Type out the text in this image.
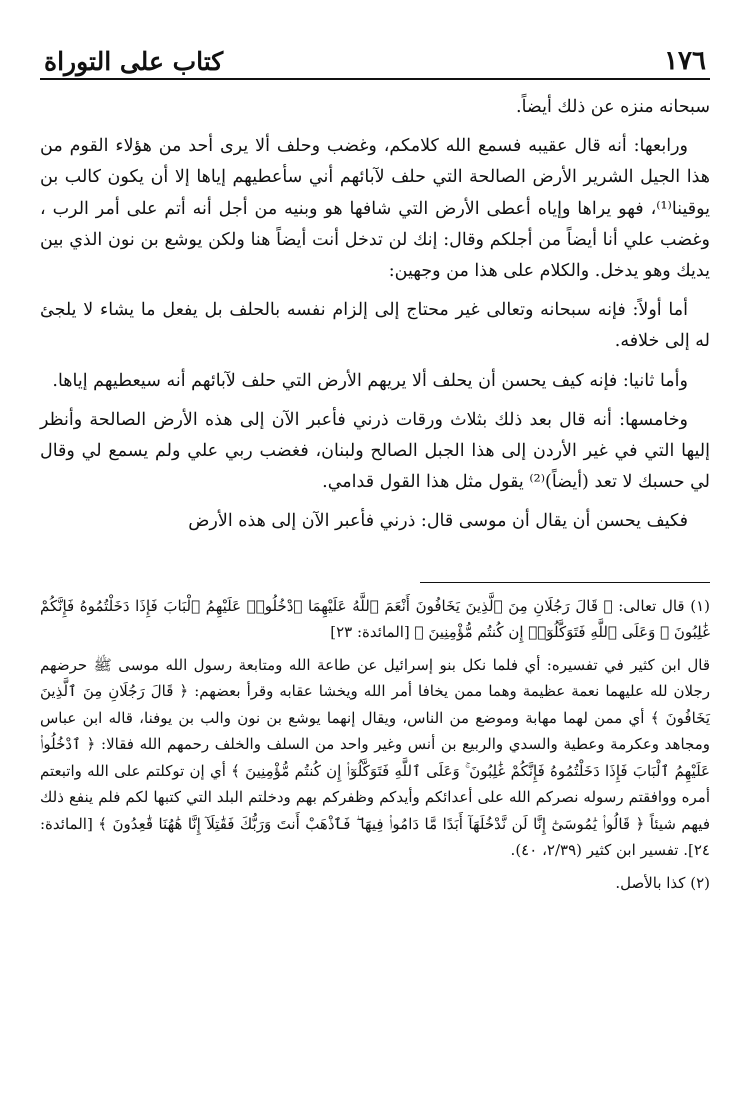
١٧٦
كتاب على التوراة

سبحانه منزه عن ذلك أيضاً.

ورابعها: أنه قال عقيبه فسمع الله كلامكم، وغضب وحلف ألا يرى أحد من هؤلاء القوم من هذا الجيل الشرير الأرض الصالحة التي حلف لآبائهم أني سأعطيهم إياها إلا أن يكون كالب بن يوقينا⁽¹⁾، فهو يراها وإياه أعطى الأرض التي شافها هو وبنيه من أجل أنه أتم على أمر الرب ، وغضب علي أنا أيضاً من أجلكم وقال: إنك لن تدخل أنت أيضاً هنا ولكن يوشع بن نون الذي بين يديك وهو يدخل. والكلام على هذا من وجهين:

أما أولاً: فإنه سبحانه وتعالى غير محتاج إلى إلزام نفسه بالحلف بل يفعل ما يشاء لا يلجئ له إلى خلافه.

وأما ثانيا: فإنه كيف يحسن أن يحلف ألا يريهم الأرض التي حلف لآبائهم أنه سيعطيهم إياها.

وخامسها: أنه قال بعد ذلك بثلاث ورقات ذرني فأعبر الآن إلى هذه الأرض الصالحة وأنظر إليها التي في غير الأردن إلى هذا الجبل الصالح ولبنان، فغضب ربي علي ولم يسمع لي وقال لي حسبك لا تعد (أيضاً)⁽²⁾ يقول مثل هذا القول قدامي.

فكيف يحسن أن يقال أن موسى قال: ذرني فأعبر الآن إلى هذه الأرض

(١) قال تعالى: ﴿ قَالَ رَجُلَانِ مِنَ ٱلَّذِينَ يَخَافُونَ أَنْعَمَ ٱللَّهُ عَلَيْهِمَا ٱدْخُلُوا۟ عَلَيْهِمُ ٱلْبَابَ فَإِذَا دَخَلْتُمُوهُ فَإِنَّكُمْ غَٰلِبُونَ ۚ وَعَلَى ٱللَّهِ فَتَوَكَّلُوٓا۟ إِن كُنتُم مُّؤْمِنِينَ ﴾ [المائدة: ٢٣]

قال ابن كثير في تفسيره: أي فلما نكل بنو إسرائيل عن طاعة الله ومتابعة رسول الله موسى ﷺ حرضهم رجلان لله عليهما نعمة عظيمة وهما ممن يخافا أمر الله ويخشا عقابه وقرأ بعضهم: ﴿ قَالَ رَجُلَانِ مِنَ ٱلَّذِينَ يَخَافُونَ ﴾ أي ممن لهما مهابة وموضع من الناس، ويقال إنهما يوشع بن نون والب بن يوفنا، قاله ابن عباس ومجاهد وعكرمة وعطية والسدي والربيع بن أنس وغير واحد من السلف والخلف رحمهم الله فقالا: ﴿ ٱدْخُلُوا۟ عَلَيْهِمُ ٱلْبَابَ فَإِذَا دَخَلْتُمُوهُ فَإِنَّكُمْ غَٰلِبُونَ ۚ وَعَلَى ٱللَّهِ فَتَوَكَّلُوٓا۟ إِن كُنتُم مُّؤْمِنِينَ ﴾ أي إن توكلتم على الله واتبعتم أمره ووافقتم رسوله نصركم الله على أعدائكم وأيدكم وظفركم بهم ودخلتم البلد التي كتبها لكم فلم ينفع ذلك فيهم شيئاً ﴿ قَالُوا۟ يَٰمُوسَىٰٓ إِنَّا لَن نَّدْخُلَهَآ أَبَدًا مَّا دَامُوا۟ فِيهَا ۖ فَٱذْهَبْ أَنتَ وَرَبُّكَ فَقَٰتِلَآ إِنَّا هَٰهُنَا قَٰعِدُونَ ﴾ [المائدة: ٢٤]. تفسير ابن كثير (٢/٣٩، ٤٠).

(٢) كذا بالأصل.
